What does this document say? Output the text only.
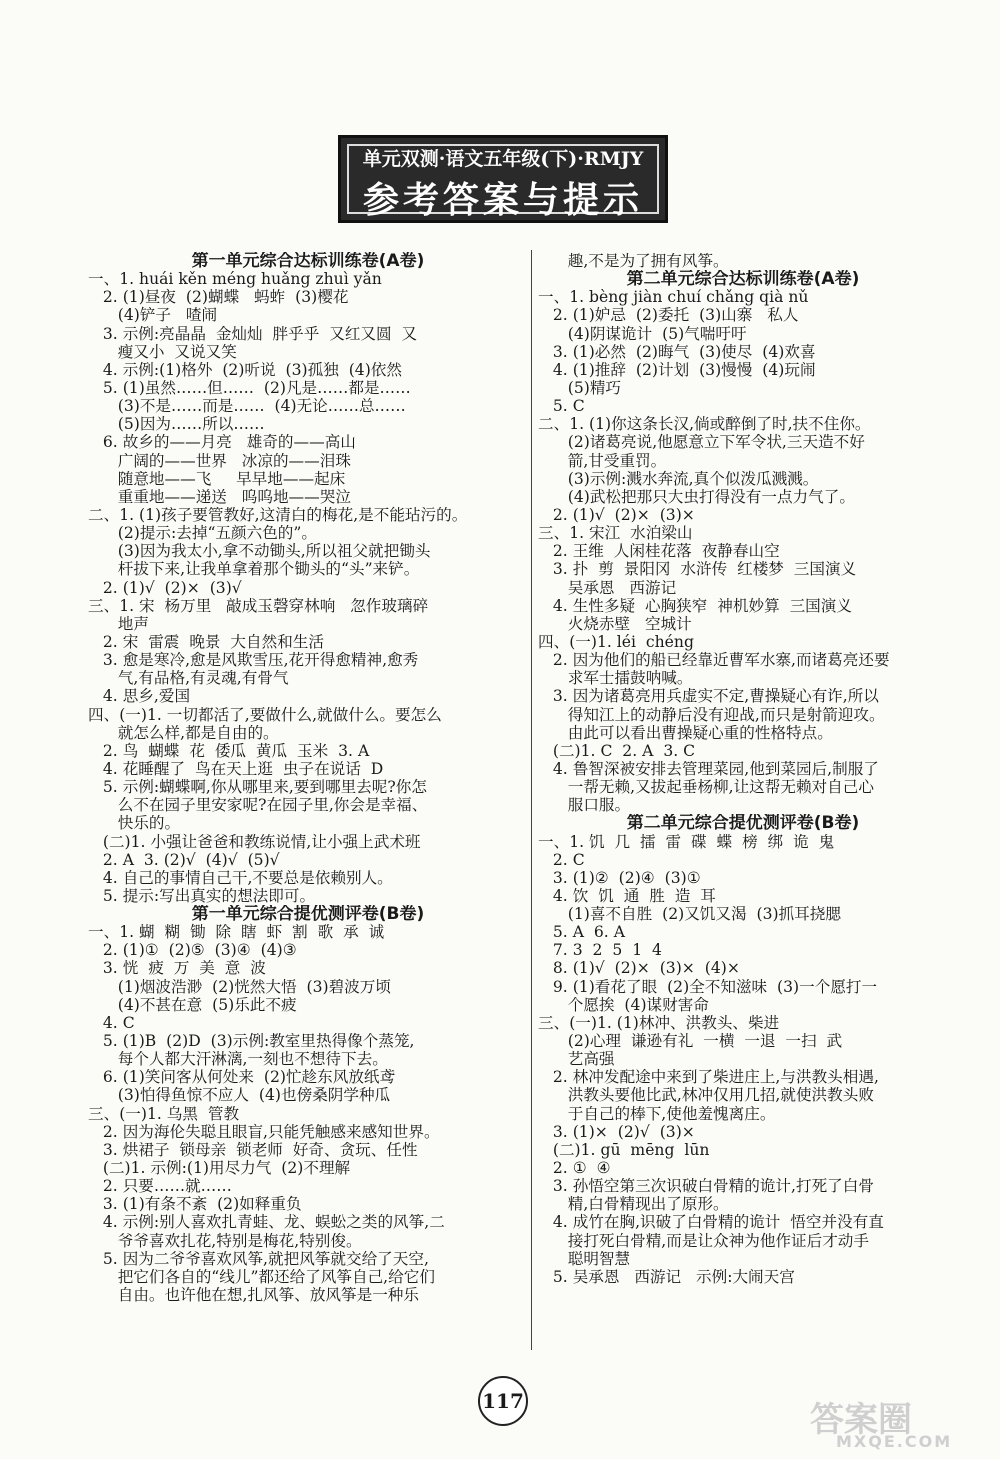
单元双测·语文五年级(下)·RMJY
参考答案与提示
第一单元综合达标训练卷(A卷)
一、1. huái kěn méng huǎng zhuì yǎn
2. (1)昼夜  (2)蝴蝶   蚂蚱  (3)樱花
(4)铲子   喳闹
3. 示例:亮晶晶  金灿灿  胖乎乎  又红又圆  又
瘦又小  又说又笑
4. 示例:(1)格外  (2)听说  (3)孤独  (4)依然
5. (1)虽然……但……  (2)凡是……都是……
(3)不是……而是……  (4)无论……总……
(5)因为……所以……
6. 故乡的——月亮   雄奇的——高山
广阔的——世界   冰凉的——泪珠
随意地——飞     早早地——起床
重重地——递送   呜呜地——哭泣
二、1. (1)孩子要管教好,这清白的梅花,是不能玷污的。
(2)提示:去掉“五颜六色的”。
(3)因为我太小,拿不动锄头,所以祖父就把锄头
杆拔下来,让我单拿着那个锄头的“头”来铲。
2. (1)√  (2)×  (3)√
三、1. 宋  杨万里   敲成玉磬穿林响   忽作玻璃碎
地声
2. 宋  雷震  晚景  大自然和生活
3. 愈是寒冷,愈是风欺雪压,花开得愈精神,愈秀
气,有品格,有灵魂,有骨气
4. 思乡,爱国
四、(一)1. 一切都活了,要做什么,就做什么。要怎么
就怎么样,都是自由的。
2. 鸟  蝴蝶  花  倭瓜  黄瓜  玉米  3. A
4. 花睡醒了  鸟在天上逛  虫子在说话  D
5. 示例:蝴蝶啊,你从哪里来,要到哪里去呢?你怎
么不在园子里安家呢?在园子里,你会是幸福、
快乐的。
(二)1. 小强让爸爸和教练说情,让小强上武术班
2. A  3. (2)√  (4)√  (5)√
4. 自己的事情自己干,不要总是依赖别人。
5. 提示:写出真实的想法即可。
第一单元综合提优测评卷(B卷)
一、1. 蝴  糊  锄  除  瞎  虾  割  歌  承  诚
2. (1)①  (2)⑤  (3)④  (4)③
3. 恍  疲  万  美  意  波
(1)烟波浩渺  (2)恍然大悟  (3)碧波万顷
(4)不甚在意  (5)乐此不疲
4. C
5. (1)B  (2)D  (3)示例:教室里热得像个蒸笼,
每个人都大汗淋漓,一刻也不想待下去。
6. (1)笑问客从何处来  (2)忙趁东风放纸鸢
(3)怕得鱼惊不应人  (4)也傍桑阴学种瓜
三、(一)1. 乌黑  管教
2. 因为海伦失聪且眼盲,只能凭触感来感知世界。
3. 烘裙子  锁母亲  锁老师  好奇、贪玩、任性
(二)1. 示例:(1)用尽力气  (2)不理解
2. 只要……就……
3. (1)有条不紊  (2)如释重负
4. 示例:别人喜欢扎青蛙、龙、蜈蚣之类的风筝,二
爷爷喜欢扎花,特别是梅花,特别俊。
5. 因为二爷爷喜欢风筝,就把风筝就交给了天空,
把它们各自的“线儿”都还给了风筝自己,给它们
自由。也许他在想,扎风筝、放风筝是一种乐
趣,不是为了拥有风筝。
第二单元综合达标训练卷(A卷)
一、1. bèng jiàn chuí chǎng qià nǔ
2. (1)妒忌  (2)委托  (3)山寨   私人
(4)阴谋诡计  (5)气喘吁吁
3. (1)必然  (2)晦气  (3)使尽  (4)欢喜
4. (1)推辞  (2)计划  (3)慢慢  (4)玩闹
(5)精巧
5. C
二、1. (1)你这条长汉,倘或醉倒了时,扶不住你。
(2)诸葛亮说,他愿意立下军令状,三天造不好
箭,甘受重罚。
(3)示例:溅水奔流,真个似泼瓜溅溅。
(4)武松把那只大虫打得没有一点力气了。
2. (1)√  (2)×  (3)×
三、1. 宋江  水泊梁山
2. 王维  人闲桂花落  夜静春山空
3. 扑  剪  景阳冈  水浒传  红楼梦  三国演义
吴承恩   西游记
4. 生性多疑  心胸狭窄  神机妙算  三国演义
火烧赤壁   空城计
四、(一)1. léi  chéng
2. 因为他们的船已经靠近曹军水寨,而诸葛亮还要
求军士擂鼓呐喊。
3. 因为诸葛亮用兵虚实不定,曹操疑心有诈,所以
得知江上的动静后没有迎战,而只是射箭迎攻。
由此可以看出曹操疑心重的性格特点。
(二)1. C  2. A  3. C
4. 鲁智深被安排去管理菜园,他到菜园后,制服了
一帮无赖,又拔起垂杨柳,让这帮无赖对自己心
服口服。
第二单元综合提优测评卷(B卷)
一、1. 饥  几  擂  雷  碟  蝶  榜  绑  诡  鬼
2. C
3. (1)②  (2)④  (3)①
4. 饮  饥  通  胜  造  耳
(1)喜不自胜  (2)又饥又渴  (3)抓耳挠腮
5. A  6. A
7. 3  2  5  1  4
8. (1)√  (2)×  (3)×  (4)×
9. (1)看花了眼  (2)全不知滋味  (3)一个愿打一
个愿挨  (4)谋财害命
三、(一)1. (1)林冲、洪教头、柴进
(2)心理  谦逊有礼  一横  一退  一扫  武
艺高强
2. 林冲发配途中来到了柴进庄上,与洪教头相遇,
洪教头要他比武,林冲仅用几招,就使洪教头败
于自己的棒下,使他羞愧离庄。
3. (1)×  (2)√  (3)×
(二)1. gū  mēng  lūn
2. ①  ④
3. 孙悟空第三次识破白骨精的诡计,打死了白骨
精,白骨精现出了原形。
4. 成竹在胸,识破了白骨精的诡计  悟空并没有直
接打死白骨精,而是让众神为他作证后才动手
聪明智慧
5. 吴承恩   西游记   示例:大闹天宫
117	答案圈
MXQE.COM
